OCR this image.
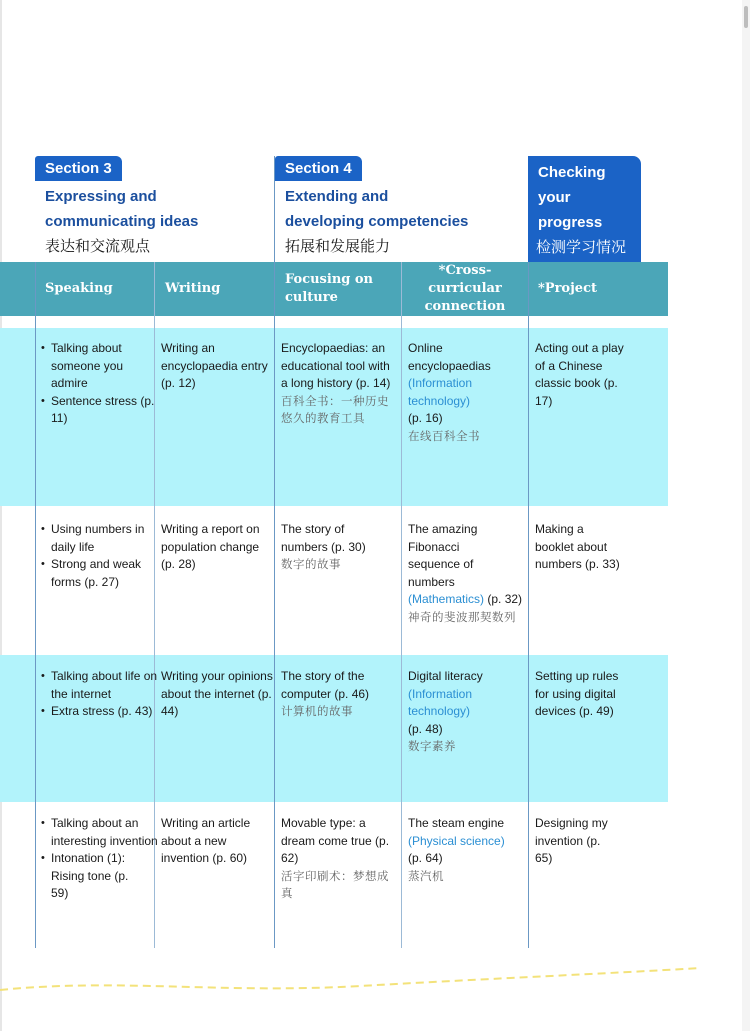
Section 3
Expressing and
communicating ideas
表达和交流观点
Section 4
Extending and
developing competencies
拓展和发展能力
Checking
your
progress
检测学习情况
Speaking	Writing
Focusing on culture
*Cross-curricular connection
*Project
• Talking about someone you admire
• Sentence stress (p. 11)
Writing an encyclopaedia entry (p. 12)
Encyclopaedias: an educational tool with a long history (p. 14)
百科全书：一种历史悠久的教育工具
Online encyclopaedias
(Information technology)
(p. 16)
在线百科全书
Acting out a play of a Chinese classic book (p. 17)
• Using numbers in daily life
• Strong and weak forms (p. 27)
Writing a report on population change (p. 28)
The story of numbers (p. 30)
数字的故事
The amazing Fibonacci sequence of numbers
(Mathematics) (p. 32)
神奇的斐波那契数列
Making a booklet about numbers (p. 33)
• Talking about life on the internet
• Extra stress (p. 43)
Writing your opinions about the internet (p. 44)
The story of the computer (p. 46)
计算机的故事
Digital literacy
(Information technology)
(p. 48)
数字素养
Setting up rules for using digital devices (p. 49)
• Talking about an interesting invention
• Intonation (1): Rising tone (p. 59)
Writing an article about a new invention (p. 60)
Movable type: a dream come true (p. 62)
活字印刷术：梦想成真
The steam engine
(Physical science)
(p. 64)
蒸汽机
Designing my invention (p. 65)
